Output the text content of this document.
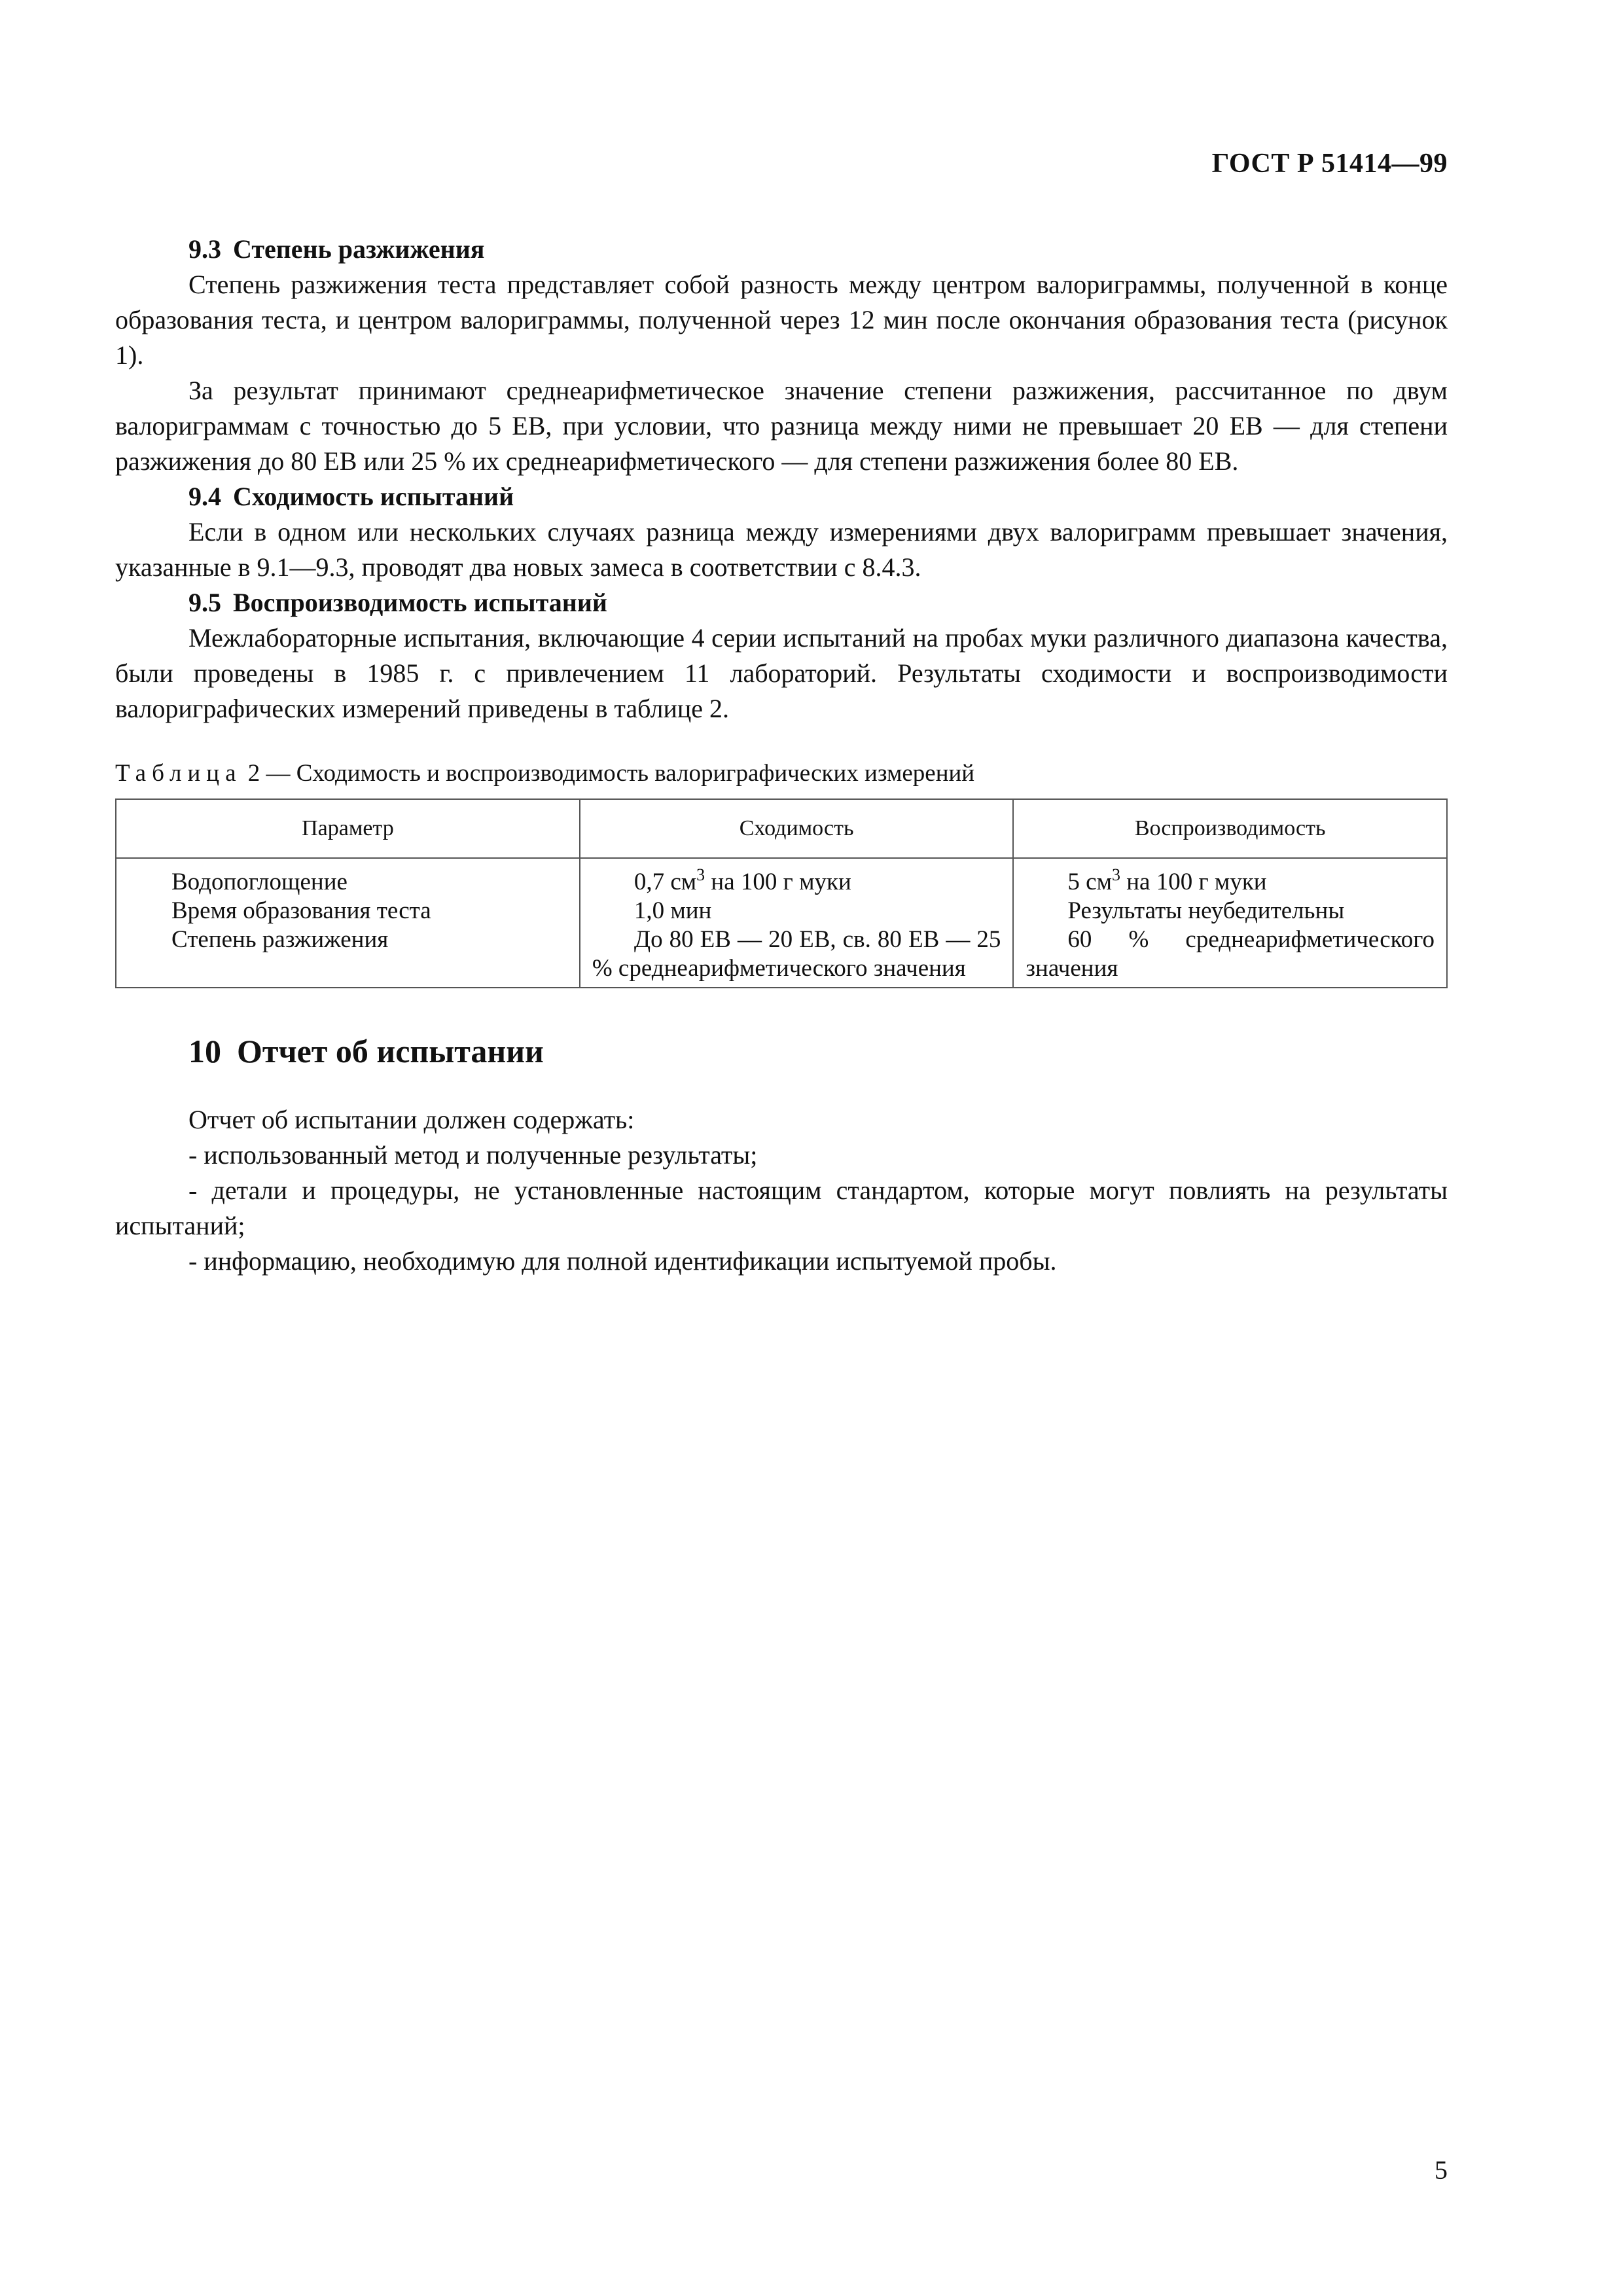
ГОСТ Р 51414—99
9.3 Степень разжижения

Степень разжижения теста представляет собой разность между центром валориграммы, полученной в конце образования теста, и центром валориграммы, полученной через 12 мин после окончания образования теста (рисунок 1).

За результат принимают среднеарифметическое значение степени разжижения, рассчитанное по двум валориграммам с точностью до 5 ЕВ, при условии, что разница между ними не превышает 20 ЕВ — для степени разжижения до 80 ЕВ или 25 % их среднеарифметического — для степени разжижения более 80 ЕВ.

9.4 Сходимость испытаний

Если в одном или нескольких случаях разница между измерениями двух валориграмм превышает значения, указанные в 9.1—9.3, проводят два новых замеса в соответствии с 8.4.3.

9.5 Воспроизводимость испытаний

Межлабораторные испытания, включающие 4 серии испытаний на пробах муки различного диапазона качества, были проведены в 1985 г. с привлечением 11 лабораторий. Результаты сходимости и воспроизводимости валориграфических измерений приведены в таблице 2.

Таблица 2 — Сходимость и воспроизводимость валориграфических измерений
Параметр	Сходимость	Воспроизводимость
Водопоглощение	0,7 $см^3$ на 100 г муки	5 $см^3$ на 100 г муки

Время образования теста	1,0 мин	Результаты неубедительны

Степень разжижения	До 80 ЕВ — 20 ЕВ, св. 80 ЕВ — 25 % среднеарифметического значения	60 % среднеарифметического значения
10 Отчет об испытании

Отчет об испытании должен содержать:

- использованный метод и полученные результаты;

- детали и процедуры, не установленные настоящим стандартом, которые могут повлиять на результаты испытаний;

- информацию, необходимую для полной идентификации испытуемой пробы.

5
